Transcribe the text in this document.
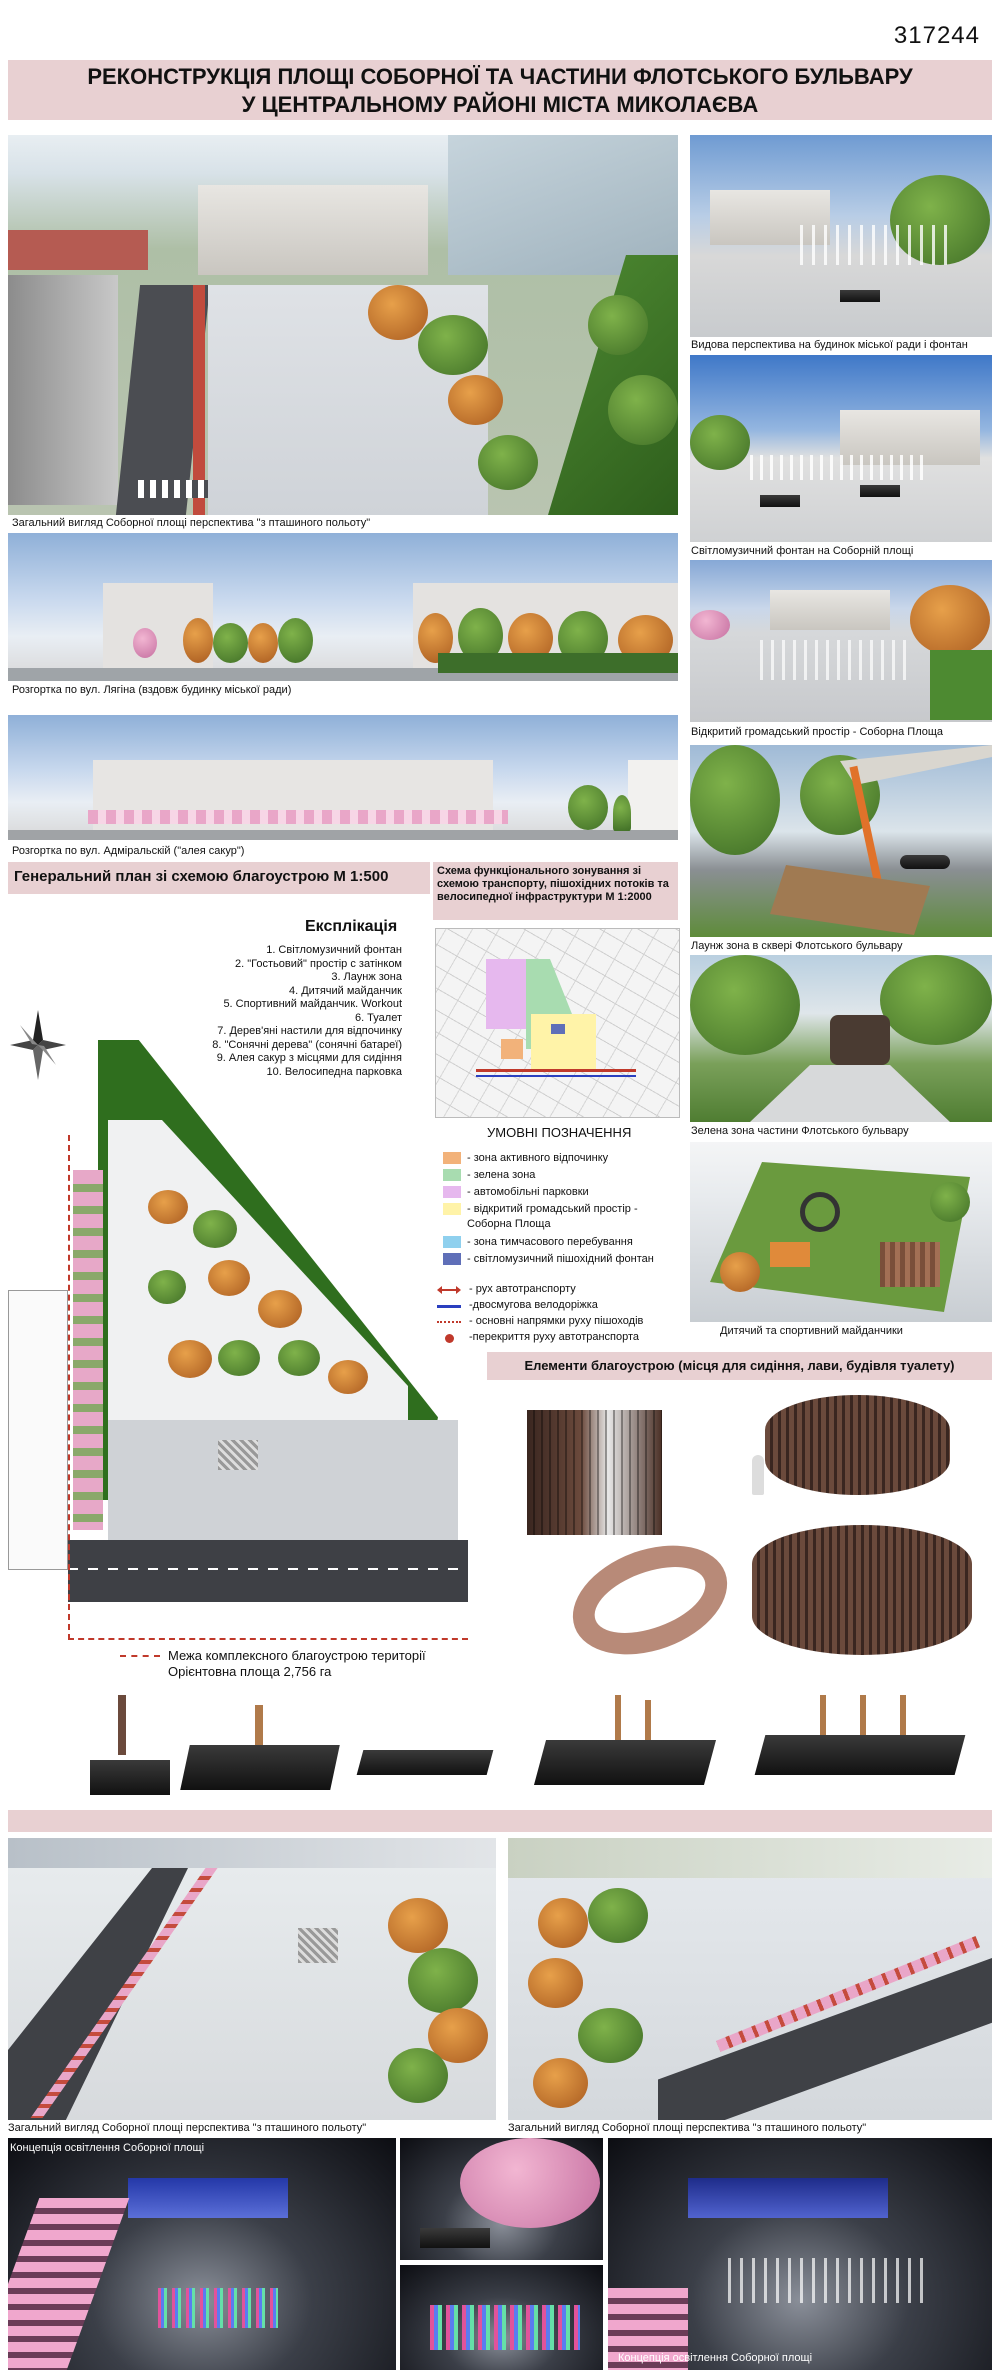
317244
РЕКОНСТРУКЦІЯ ПЛОЩІ СОБОРНОЇ ТА ЧАСТИНИ ФЛОТСЬКОГО БУЛЬВАРУ
У ЦЕНТРАЛЬНОМУ РАЙОНІ МІСТА МИКОЛАЄВА
Загальний вигляд Соборної площі перспектива "з пташиного польоту"
Розгортка по вул. Лягіна (вздовж будинку міської ради)
Розгортка по вул. Адміральскій ("алея сакур")
Генеральний план зі схемою благоустрою М 1:500	Схема функціонального зонування зі схемою транспорту, пішохідних потоків та велосипедної інфраструктури М 1:2000
Експлікація
1. Світломузичний фонтан
2. "Гостьовий" простір с затінком
3. Лаунж зона
4. Дитячий майданчик
5. Спортивний майданчик. Workout
6. Туалет
7. Дерев'яні настили для відпочинку
8. "Сонячні дерева" (сонячні батареї)
9. Алея сакур з місцями для сидіння
10. Велосипедна парковка
Межа комплексного благоустрою території
Орієнтовна площа 2,756 га
УМОВНІ ПОЗНАЧЕННЯ
- зона активного відпочинку
- зелена зона
- автомобільні парковки
- відкритий громадський простір -
Соборна Площа
- зона тимчасового перебування
- світломузичний пішохідний фонтан
- рух автотранспорту
-двосмугова велодоріжка
- основні напрямки руху пішоходів
-перекриття руху автотранспорта
Видова перспектива на будинок міської ради і фонтан
Світломузичний фонтан на Соборній площі
Відкритий громадський простір - Соборна Площа
Лаунж зона в сквері Флотського бульвару
Зелена зона частини Флотського бульвару
Дитячий та спортивний майданчики
Елементи благоустрою (місця для сидіння, лави, будівля туалету)
Загальний вигляд Соборної площі перспектива "з пташиного польоту"	Загальний вигляд Соборної площі перспектива "з пташиного польоту"
Концепція освітлення Соборної площі
Концепція освітлення Соборної площі
